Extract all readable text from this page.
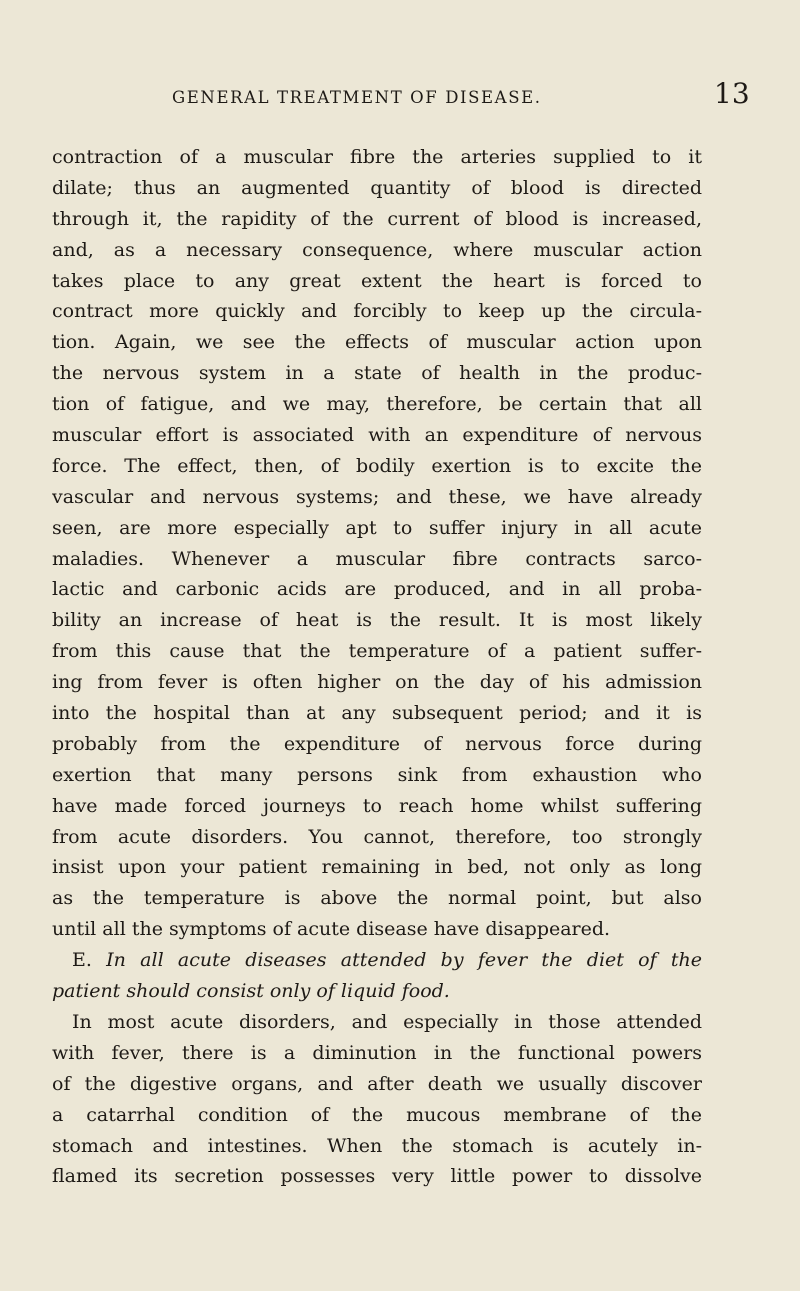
GENERAL TREATMENT OF DISEASE.	13
contraction of a muscular fibre the arteries supplied to it
dilate; thus an augmented quantity of blood is directed
through it, the rapidity of the current of blood is increased,
and, as a necessary consequence, where muscular action
takes place to any great extent the heart is forced to
contract more quickly and forcibly to keep up the circula-
tion. Again, we see the effects of muscular action upon
the nervous system in a state of health in the produc-
tion of fatigue, and we may, therefore, be certain that all
muscular effort is associated with an expenditure of nervous
force. The effect, then, of bodily exertion is to excite the
vascular and nervous systems; and these, we have already
seen, are more especially apt to suffer injury in all acute
maladies. Whenever a muscular fibre contracts sarco-
lactic and carbonic acids are produced, and in all proba-
bility an increase of heat is the result. It is most likely
from this cause that the temperature of a patient suffer-
ing from fever is often higher on the day of his admission
into the hospital than at any subsequent period; and it is
probably from the expenditure of nervous force during
exertion that many persons sink from exhaustion who
have made forced journeys to reach home whilst suffering
from acute disorders. You cannot, therefore, too strongly
insist upon your patient remaining in bed, not only as long
as the temperature is above the normal point, but also
until all the symptoms of acute disease have disappeared.
E. In all acute diseases attended by fever the diet of the
patient should consist only of liquid food.
In most acute disorders, and especially in those attended
with fever, there is a diminution in the functional powers
of the digestive organs, and after death we usually discover
a catarrhal condition of the mucous membrane of the
stomach and intestines. When the stomach is acutely in-
flamed its secretion possesses very little power to dissolve
